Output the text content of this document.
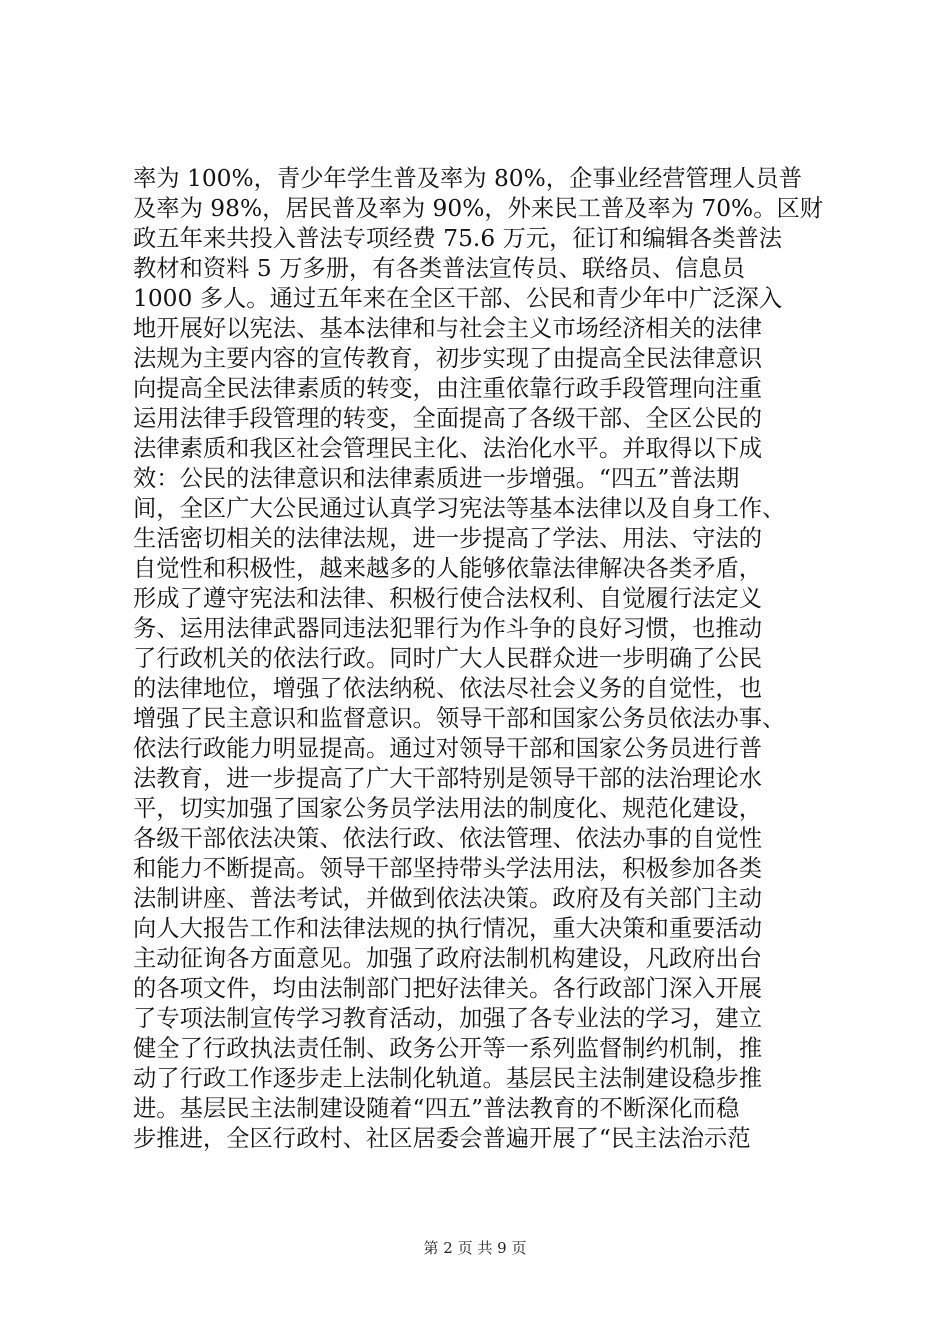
率为 100%，青少年学生普及率为 80%，企事业经营管理人员普
及率为 98%，居民普及率为 90%，外来民工普及率为 70%。区财
政五年来共投入普法专项经费 75.6 万元，征订和编辑各类普法
教材和资料 5 万多册，有各类普法宣传员、联络员、信息员
1000 多人。通过五年来在全区干部、公民和青少年中广泛深入
地开展好以宪法、基本法律和与社会主义市场经济相关的法律
法规为主要内容的宣传教育，初步实现了由提高全民法律意识
向提高全民法律素质的转变，由注重依靠行政手段管理向注重
运用法律手段管理的转变，全面提高了各级干部、全区公民的
法律素质和我区社会管理民主化、法治化水平。并取得以下成
效：公民的法律意识和法律素质进一步增强。“四五”普法期
间，全区广大公民通过认真学习宪法等基本法律以及自身工作、
生活密切相关的法律法规，进一步提高了学法、用法、守法的
自觉性和积极性，越来越多的人能够依靠法律解决各类矛盾，
形成了遵守宪法和法律、积极行使合法权利、自觉履行法定义
务、运用法律武器同违法犯罪行为作斗争的良好习惯，也推动
了行政机关的依法行政。同时广大人民群众进一步明确了公民
的法律地位，增强了依法纳税、依法尽社会义务的自觉性，也
增强了民主意识和监督意识。领导干部和国家公务员依法办事、
依法行政能力明显提高。通过对领导干部和国家公务员进行普
法教育，进一步提高了广大干部特别是领导干部的法治理论水
平，切实加强了国家公务员学法用法的制度化、规范化建设，
各级干部依法决策、依法行政、依法管理、依法办事的自觉性
和能力不断提高。领导干部坚持带头学法用法，积极参加各类
法制讲座、普法考试，并做到依法决策。政府及有关部门主动
向人大报告工作和法律法规的执行情况，重大决策和重要活动
主动征询各方面意见。加强了政府法制机构建设，凡政府出台
的各项文件，均由法制部门把好法律关。各行政部门深入开展
了专项法制宣传学习教育活动，加强了各专业法的学习，建立
健全了行政执法责任制、政务公开等一系列监督制约机制，推
动了行政工作逐步走上法制化轨道。基层民主法制建设稳步推
进。基层民主法制建设随着“四五”普法教育的不断深化而稳
步推进，全区行政村、社区居委会普遍开展了“民主法治示范
第 2 页 共 9 页
